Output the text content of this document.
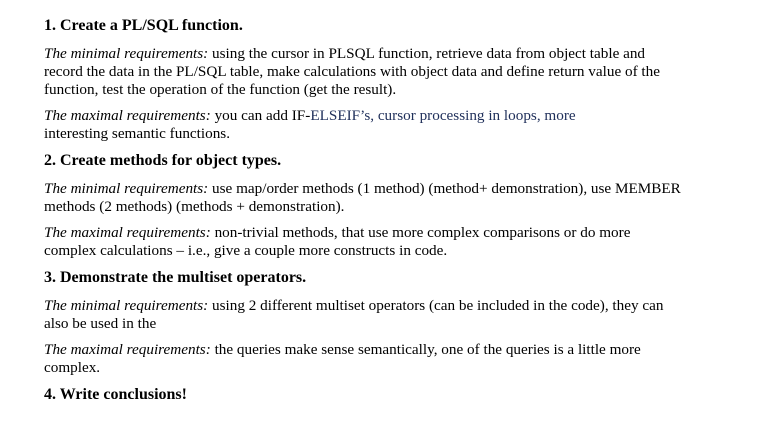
1. Create a PL/SQL function.

The minimal requirements: using the cursor in PLSQL function, retrieve data from object table and record the data in the PL/SQL table, make calculations with object data and define return value of the function, test the operation of the function (get the result).

The maximal requirements: you can add IF-ELSEIF’s, cursor processing in loops, more
interesting semantic functions.

2. Create methods for object types.

The minimal requirements: use map/order methods (1 method) (method+ demonstration), use MEMBER methods (2 methods) (methods + demonstration).

The maximal requirements: non-trivial methods, that use more complex comparisons or do more complex calculations – i.e., give a couple more constructs in code.

3. Demonstrate the multiset operators.

The minimal requirements: using 2 different multiset operators (can be included in the code), they can also be used in the

The maximal requirements: the queries make sense semantically, one of the queries is a little more complex.

4. Write conclusions!
